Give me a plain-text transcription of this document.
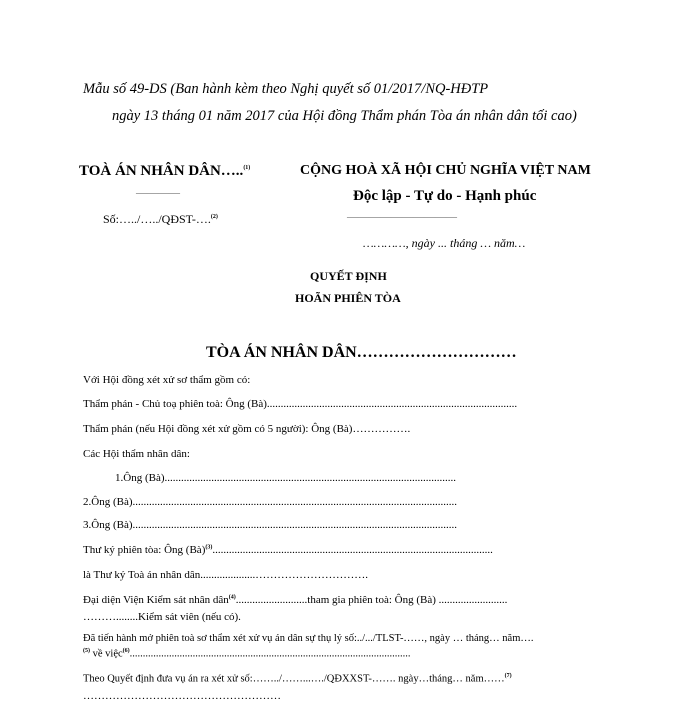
Mẫu số 49-DS (Ban hành kèm theo Nghị quyết số 01/2017/NQ-HĐTP
ngày 13 tháng 01 năm 2017 của Hội đồng Thẩm phán Tòa án nhân dân tối cao)
TOÀ ÁN NHÂN DÂN…..$^{(1)}$
————
Số:…../…../QĐST-….$^{(2)}$
CỘNG HOÀ XÃ HỘI CHỦ NGHĨA VIỆT NAM
Độc lập - Tự do - Hạnh phúc
——————————
…………, ngày ... tháng … năm…
QUYẾT ĐỊNH
HOÃN PHIÊN TÒA
TÒA ÁN NHÂN DÂN…………………………
Với Hội đồng xét xử sơ thẩm gồm có:
Thẩm phán - Chủ toạ phiên toà: Ông (Bà)...........................................................................................
Thẩm phán (nếu Hội đồng xét xử gồm có 5 người): Ông (Bà)…………….
Các Hội thẩm nhân dân:
1.Ông (Bà)..........................................................................................................
2.Ông (Bà)......................................................................................................................
3.Ông (Bà)......................................................................................................................
Thư ký phiên tòa: Ông (Bà)$^{(3)}$......................................................................................................
là Thư ký Toà án nhân dân....................………………………….
Đại diện Viện Kiểm sát nhân dân$^{(4)}$..........................tham gia phiên toà: Ông (Bà) .........................
………........Kiểm sát viên (nếu có).
Đã tiến hành mở phiên toà sơ thẩm xét xử vụ án dân sự thụ lý số:../.../TLST-……, ngày … tháng… năm….
$^{(5)}$ về việc$^{(6)}$...........................................................................................................
Theo Quyết định đưa vụ án ra xét xử số:……../……...…./QĐXXST-……. ngày…tháng… năm……$^{(7)}$
………………………………………………
